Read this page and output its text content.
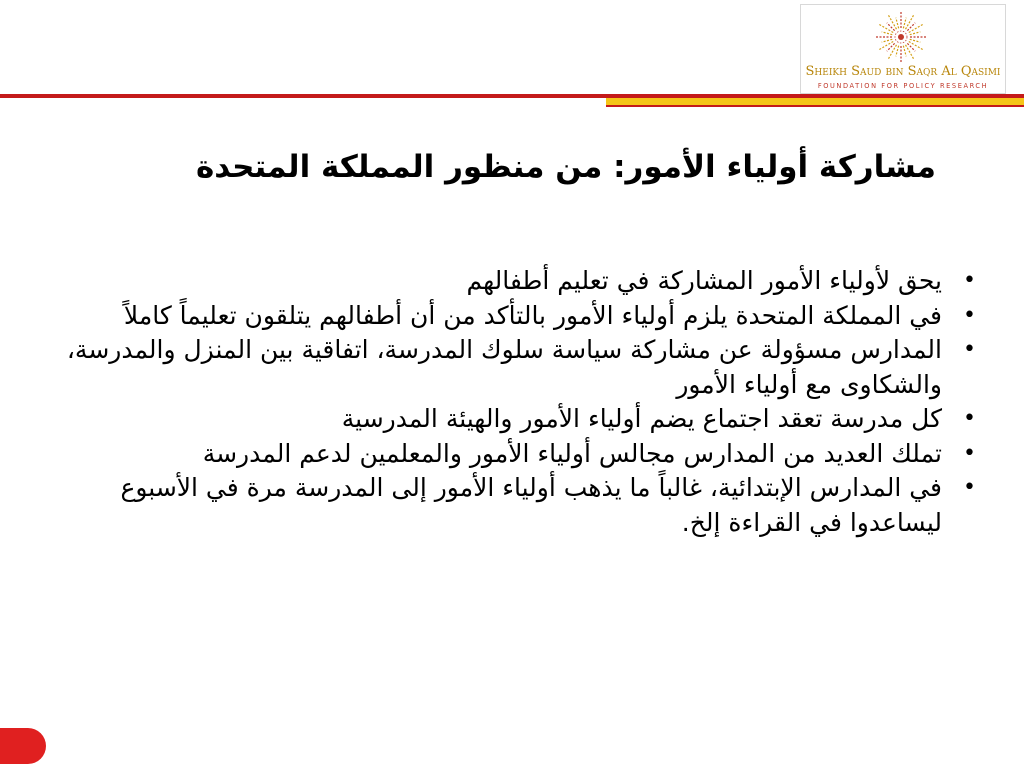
Sheikh Saud bin Saqr Al Qasimi
FOUNDATION FOR POLICY RESEARCH
مشاركة أولياء الأمور: من منظور المملكة المتحدة
•
يحق لأولياء الأمور المشاركة في تعليم أطفالهم
•
في المملكة المتحدة يلزم أولياء الأمور بالتأكد من أن أطفالهم يتلقون تعليماً كاملاً
•
المدارس مسؤولة عن مشاركة سياسة سلوك المدرسة، اتفاقية بين المنزل والمدرسة، والشكاوى مع أولياء الأمور
•
كل مدرسة تعقد اجتماع يضم أولياء الأمور والهيئة المدرسية
•
تملك العديد من المدارس مجالس أولياء الأمور والمعلمين لدعم المدرسة
•
في المدارس الإبتدائية، غالباً ما يذهب أولياء الأمور إلى المدرسة مرة في الأسبوع ليساعدوا في القراءة إلخ.
